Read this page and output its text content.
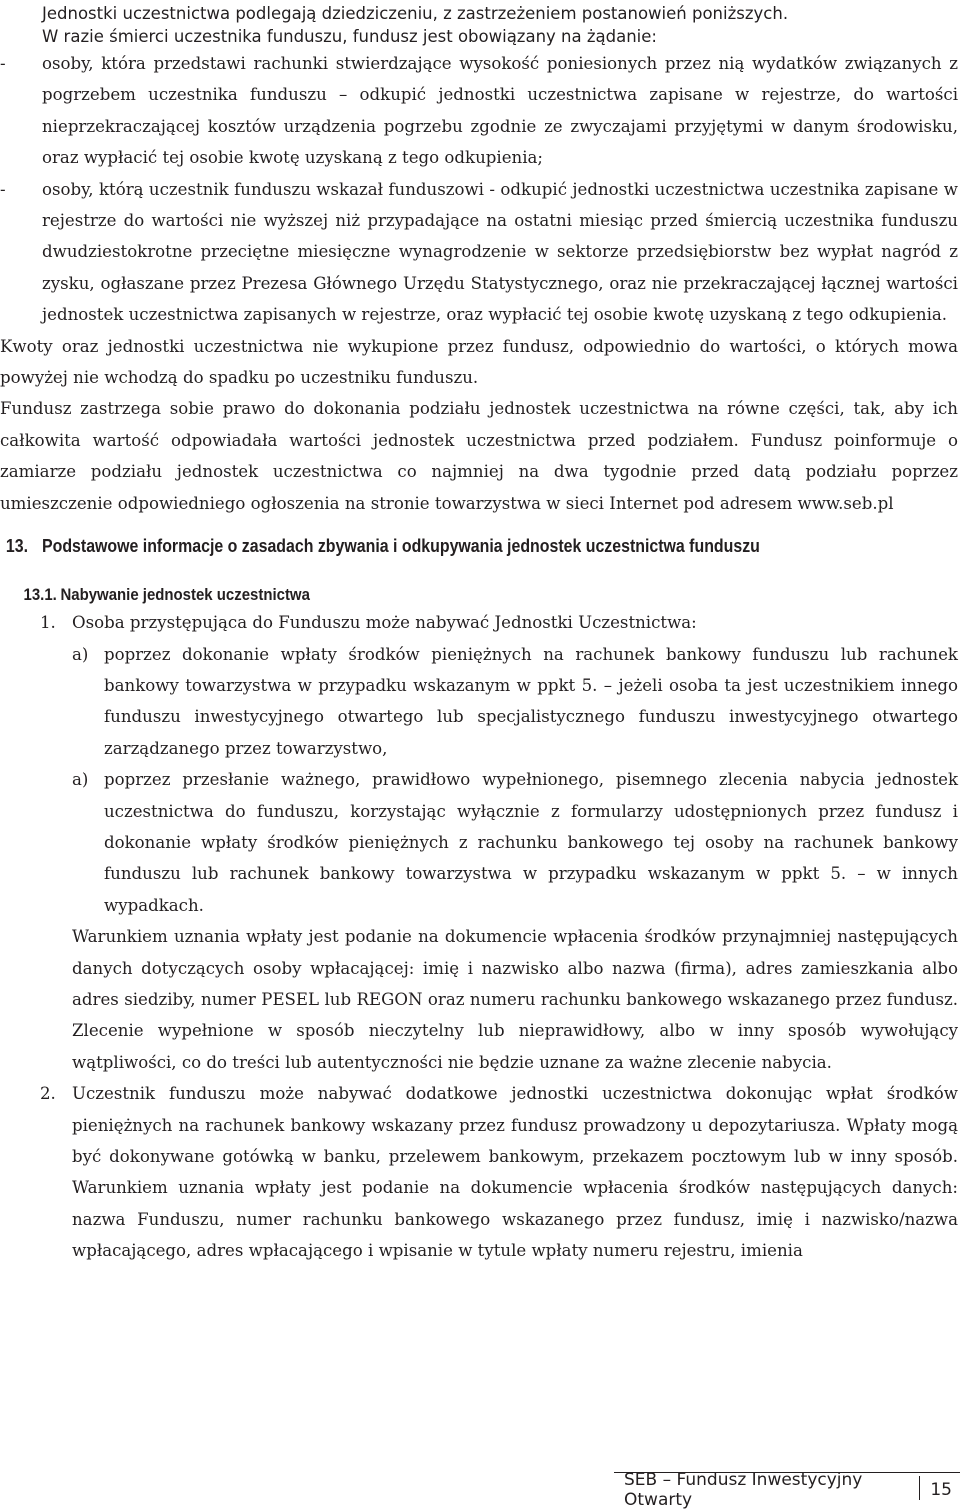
Jednostki uczestnictwa podlegają dziedziczeniu, z zastrzeżeniem postanowień poniższych.

W razie śmierci uczestnika funduszu, fundusz jest obowiązany na żądanie:

-	osoby, która przedstawi rachunki stwierdzające wysokość poniesionych przez nią wydatków związanych z pogrzebem uczestnika funduszu – odkupić jednostki uczestnictwa zapisane w rejestrze, do wartości nieprzekraczającej kosztów urządzenia pogrzebu zgodnie ze zwyczajami przyjętymi w danym środowisku, oraz wypłacić tej osobie kwotę uzyskaną z tego odkupienia;
-	osoby, którą uczestnik funduszu wskazał funduszowi - odkupić jednostki uczestnictwa uczestnika zapisane w rejestrze do wartości nie wyższej niż przypadające na ostatni miesiąc przed śmiercią uczestnika funduszu dwudziestokrotne przeciętne miesięczne wynagrodzenie w sektorze przedsiębiorstw bez wypłat nagród z zysku, ogłaszane przez Prezesa Głównego Urzędu Statystycznego, oraz nie przekraczającej łącznej wartości jednostek uczestnictwa zapisanych w rejestrze, oraz wypłacić tej osobie kwotę uzyskaną z tego odkupienia.

Kwoty oraz jednostki uczestnictwa nie wykupione przez fundusz, odpowiednio do wartości, o których mowa powyżej nie wchodzą do spadku po uczestniku funduszu.

Fundusz zastrzega sobie prawo do dokonania podziału jednostek uczestnictwa na równe części, tak, aby ich całkowita wartość odpowiadała wartości jednostek uczestnictwa przed podziałem. Fundusz poinformuje o zamiarze podziału jednostek uczestnictwa co najmniej na dwa tygodnie przed datą podziału poprzez umieszczenie odpowiedniego ogłoszenia na stronie towarzystwa w sieci Internet pod adresem www.seb.pl

13. Podstawowe informacje o zasadach zbywania i odkupywania jednostek uczestnictwa funduszu
13.1. Nabywanie jednostek uczestnictwa
1. Osoba przystępująca do Funduszu może nabywać Jednostki Uczestnictwa:
a) poprzez dokonanie wpłaty środków pieniężnych na rachunek bankowy funduszu lub rachunek bankowy towarzystwa w przypadku wskazanym w ppkt 5. – jeżeli osoba ta jest uczestnikiem innego funduszu inwestycyjnego otwartego lub specjalistycznego funduszu inwestycyjnego otwartego zarządzanego przez towarzystwo,
a) poprzez przesłanie ważnego, prawidłowo wypełnionego, pisemnego zlecenia nabycia jednostek uczestnictwa do funduszu, korzystając wyłącznie z formularzy udostępnionych przez fundusz i dokonanie wpłaty środków pieniężnych z rachunku bankowego tej osoby na rachunek bankowy funduszu lub rachunek bankowy towarzystwa w przypadku wskazanym w ppkt 5. – w innych wypadkach.

Warunkiem uznania wpłaty jest podanie na dokumencie wpłacenia środków przynajmniej następujących danych dotyczących osoby wpłacającej: imię i nazwisko albo nazwa (firma), adres zamieszkania albo adres siedziby, numer PESEL lub REGON oraz numeru rachunku bankowego wskazanego przez fundusz. Zlecenie wypełnione w sposób nieczytelny lub nieprawidłowy, albo w inny sposób wywołujący wątpliwości, co do treści lub autentyczności nie będzie uznane za ważne zlecenie nabycia.

2. Uczestnik funduszu może nabywać dodatkowe jednostki uczestnictwa dokonując wpłat środków pieniężnych na rachunek bankowy wskazany przez fundusz prowadzony u depozytariusza. Wpłaty mogą być dokonywane gotówką w banku, przelewem bankowym, przekazem pocztowym lub w inny sposób. Warunkiem uznania wpłaty jest podanie na dokumencie wpłacenia środków następujących danych: nazwa Funduszu, numer rachunku bankowego wskazanego przez fundusz, imię i nazwisko/nazwa wpłacającego, adres wpłacającego i wpisanie w tytule wpłaty numeru rejestru, imienia
SEB – Fundusz Inwestycyjny Otwarty	15
